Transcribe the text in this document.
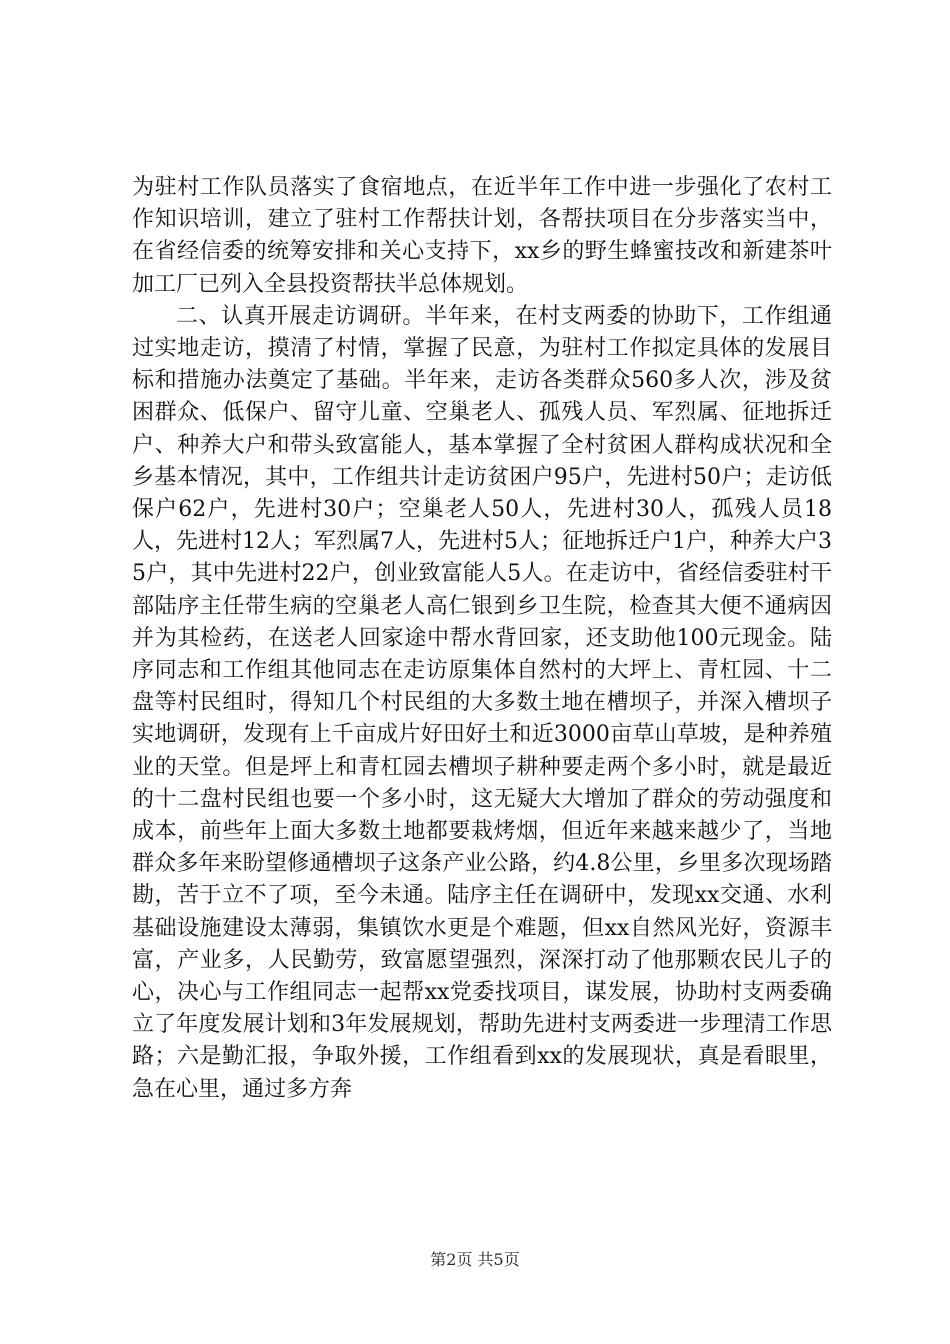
为驻村工作队员落实了食宿地点，在近半年工作中进一步强化了农村工作知识培训，建立了驻村工作帮扶计划，各帮扶项目在分步落实当中，在省经信委的统筹安排和关心支持下，xx乡的野生蜂蜜技改和新建茶叶加工厂已列入全县投资帮扶半总体规划。

二、认真开展走访调研。半年来，在村支两委的协助下，工作组通过实地走访，摸清了村情，掌握了民意，为驻村工作拟定具体的发展目标和措施办法奠定了基础。半年来，走访各类群众560多人次，涉及贫困群众、低保户、留守儿童、空巢老人、孤残人员、军烈属、征地拆迁户、种养大户和带头致富能人，基本掌握了全村贫困人群构成状况和全乡基本情况，其中，工作组共计走访贫困户95户，先进村50户；走访低保户62户，先进村30户；空巢老人50人，先进村30人，孤残人员18人，先进村12人；军烈属7人，先进村5人；征地拆迁户1户，种养大户35户，其中先进村22户，创业致富能人5人。在走访中，省经信委驻村干部陆序主任带生病的空巢老人高仁银到乡卫生院，检查其大便不通病因并为其检药，在送老人回家途中帮水背回家，还支助他100元现金。陆序同志和工作组其他同志在走访原集体自然村的大坪上、青杠园、十二盘等村民组时，得知几个村民组的大多数土地在槽坝子，并深入槽坝子实地调研，发现有上千亩成片好田好土和近3000亩草山草坡，是种养殖业的天堂。但是坪上和青杠园去槽坝子耕种要走两个多小时，就是最近的十二盘村民组也要一个多小时，这无疑大大增加了群众的劳动强度和成本，前些年上面大多数土地都要栽烤烟，但近年来越来越少了，当地群众多年来盼望修通槽坝子这条产业公路，约4.8公里，乡里多次现场踏勘，苦于立不了项，至今未通。陆序主任在调研中，发现xx交通、水利基础设施建设太薄弱，集镇饮水更是个难题，但xx自然风光好，资源丰富，产业多，人民勤劳，致富愿望强烈，深深打动了他那颗农民儿子的心，决心与工作组同志一起帮xx党委找项目，谋发展，协助村支两委确立了年度发展计划和3年发展规划，帮助先进村支两委进一步理清工作思路；六是勤汇报，争取外援，工作组看到xx的发展现状，真是看眼里，急在心里，通过多方奔

第2页 共5页
